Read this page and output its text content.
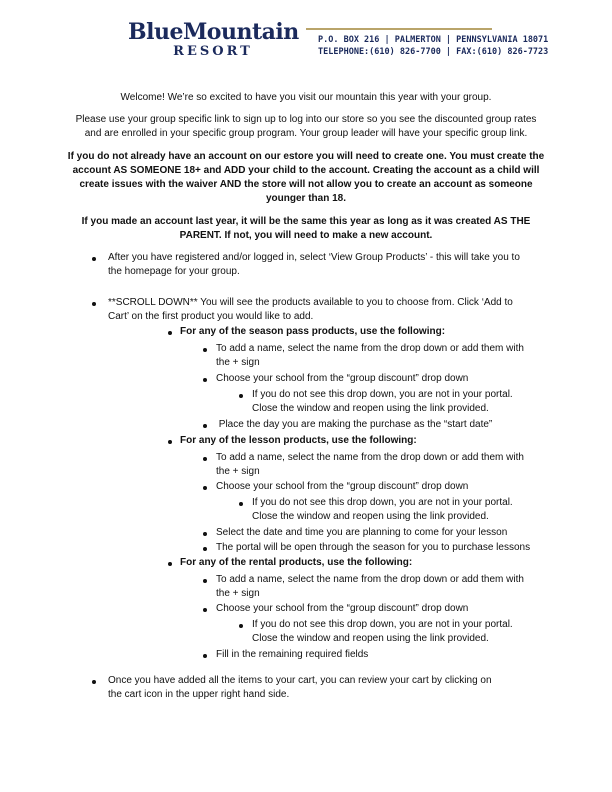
BlueMountain
RESORT
P.O. BOX 216 | PALMERTON | PENNSYLVANIA 18071
TELEPHONE:(610) 826-7700 | FAX:(610) 826-7723
Welcome! We’re so excited to have you visit our mountain this year with your group.
Please use your group specific link to sign up to log into our store so you see the discounted group rates
and are enrolled in your specific group program. Your group leader will have your specific group link.
If you do not already have an account on our estore you will need to create one. You must create the
account AS SOMEONE 18+ and ADD your child to the account. Creating the account as a child will
create issues with the waiver AND the store will not allow you to create an account as someone
younger than 18.
If you made an account last year, it will be the same this year as long as it was created AS THE
PARENT. If not, you will need to make a new account.
After you have registered and/or logged in, select ‘View Group Products’ - this will take you to
the homepage for your group.
**SCROLL DOWN** You will see the products available to you to choose from. Click ‘Add to
Cart’ on the first product you would like to add.
For any of the season pass products, use the following:
To add a name, select the name from the drop down or add them with
the + sign
Choose your school from the “group discount” drop down
If you do not see this drop down, you are not in your portal.
Close the window and reopen using the link provided.
Place the day you are making the purchase as the “start date”
For any of the lesson products, use the following:
To add a name, select the name from the drop down or add them with
the + sign
Choose your school from the “group discount” drop down
If you do not see this drop down, you are not in your portal.
Close the window and reopen using the link provided.
Select the date and time you are planning to come for your lesson
The portal will be open through the season for you to purchase lessons
For any of the rental products, use the following:
To add a name, select the name from the drop down or add them with
the + sign
Choose your school from the “group discount” drop down
If you do not see this drop down, you are not in your portal.
Close the window and reopen using the link provided.
Fill in the remaining required fields
Once you have added all the items to your cart, you can review your cart by clicking on
the cart icon in the upper right hand side.
